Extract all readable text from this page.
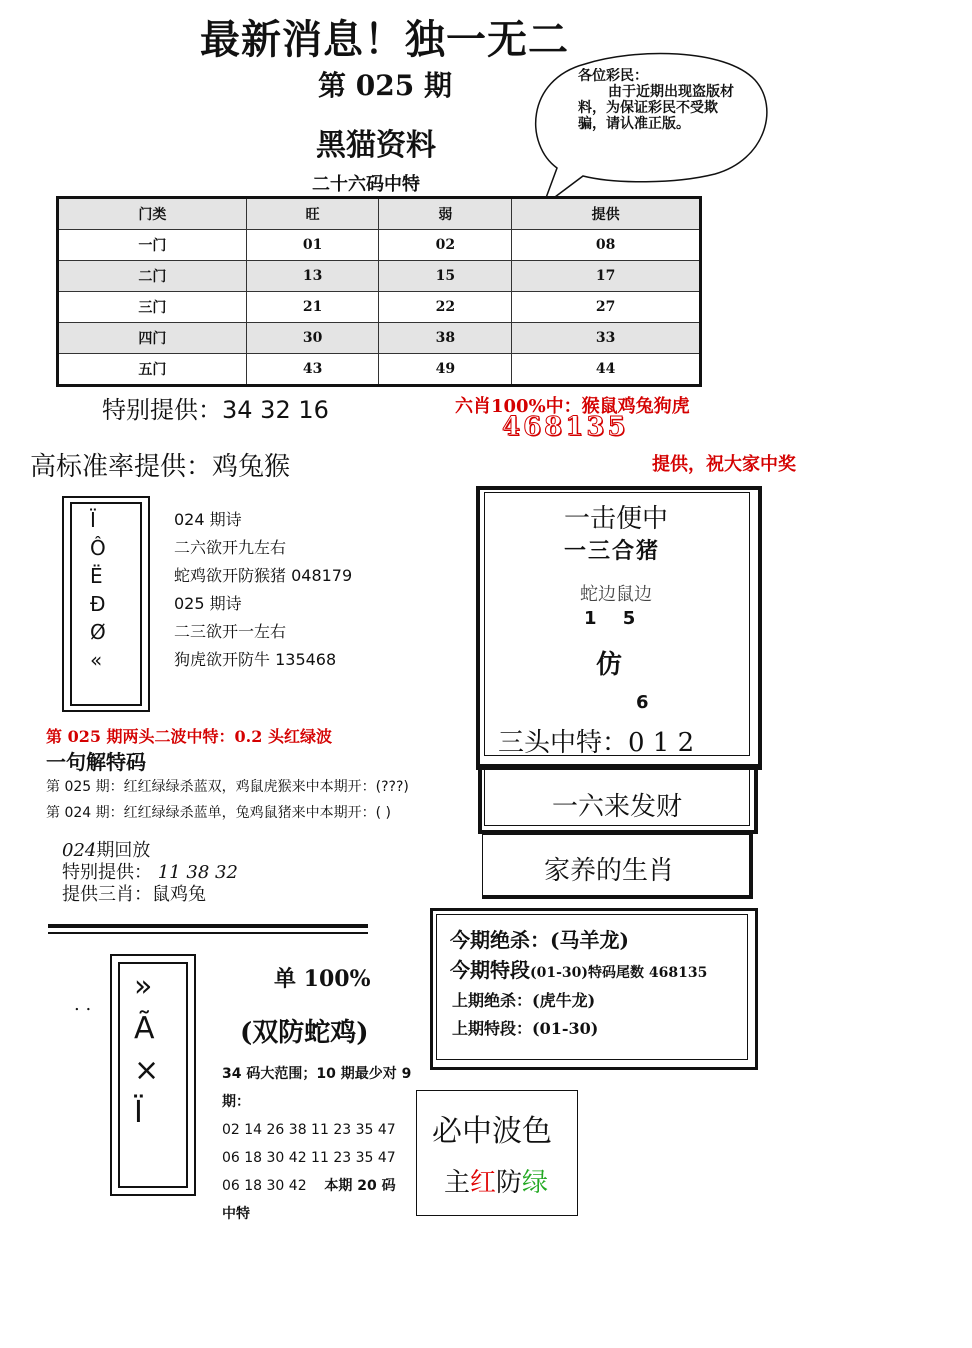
最新消息！独一无二
第 025 期
黑猫资料
二十六码中特
各位彩民：
由于近期出现盗版材料，为保证彩民不受欺骗，请认准正版。
门类	旺	弱	提供
一门	01	02	08
二门	13	15	17
三门	21	22	27
四门	30	38	33
五门	43	49	44
特别提供：34 32 16	六肖100%中：猴鼠鸡兔狗虎
468135
高标准率提供：鸡兔猴	提供，祝大家中奖
Ï
Ô
Ë
Đ
Ø
«
024 期诗
二六欲开九左右
蛇鸡欲开防猴猪 048179
025 期诗
二三欲开一左右
狗虎欲开防牛 135468
第 025 期两头二波中特：0.2 头红绿波
一句解特码
第 025 期：红红绿绿杀蓝双，鸡鼠虎猴来中本期开：(???)
第 024 期：红红绿绿杀蓝单，兔鸡鼠猪来中本期开：( )
024期回放
特别提供： 11 38 32
提供三肖：鼠鸡兔
. .
»
Ã
×
Ï
单 100%
(双防蛇鸡)
34 码大范围；10 期最少对 9 期：
02 14 26 38 11 23 35 47
06 18 30 42 11 23 35 47
06 18 30 42 本期 20 码
中特
一击便中
一三合猪
蛇边鼠边
1 5
仿
6
三头中特：0 1 2
一六来发财
家养的生肖
今期绝杀：(马羊龙)
今期特段(01-30)特码尾数 468135
上期绝杀：(虎牛龙)
上期特段：(01-30)
必中波色
主红防绿
